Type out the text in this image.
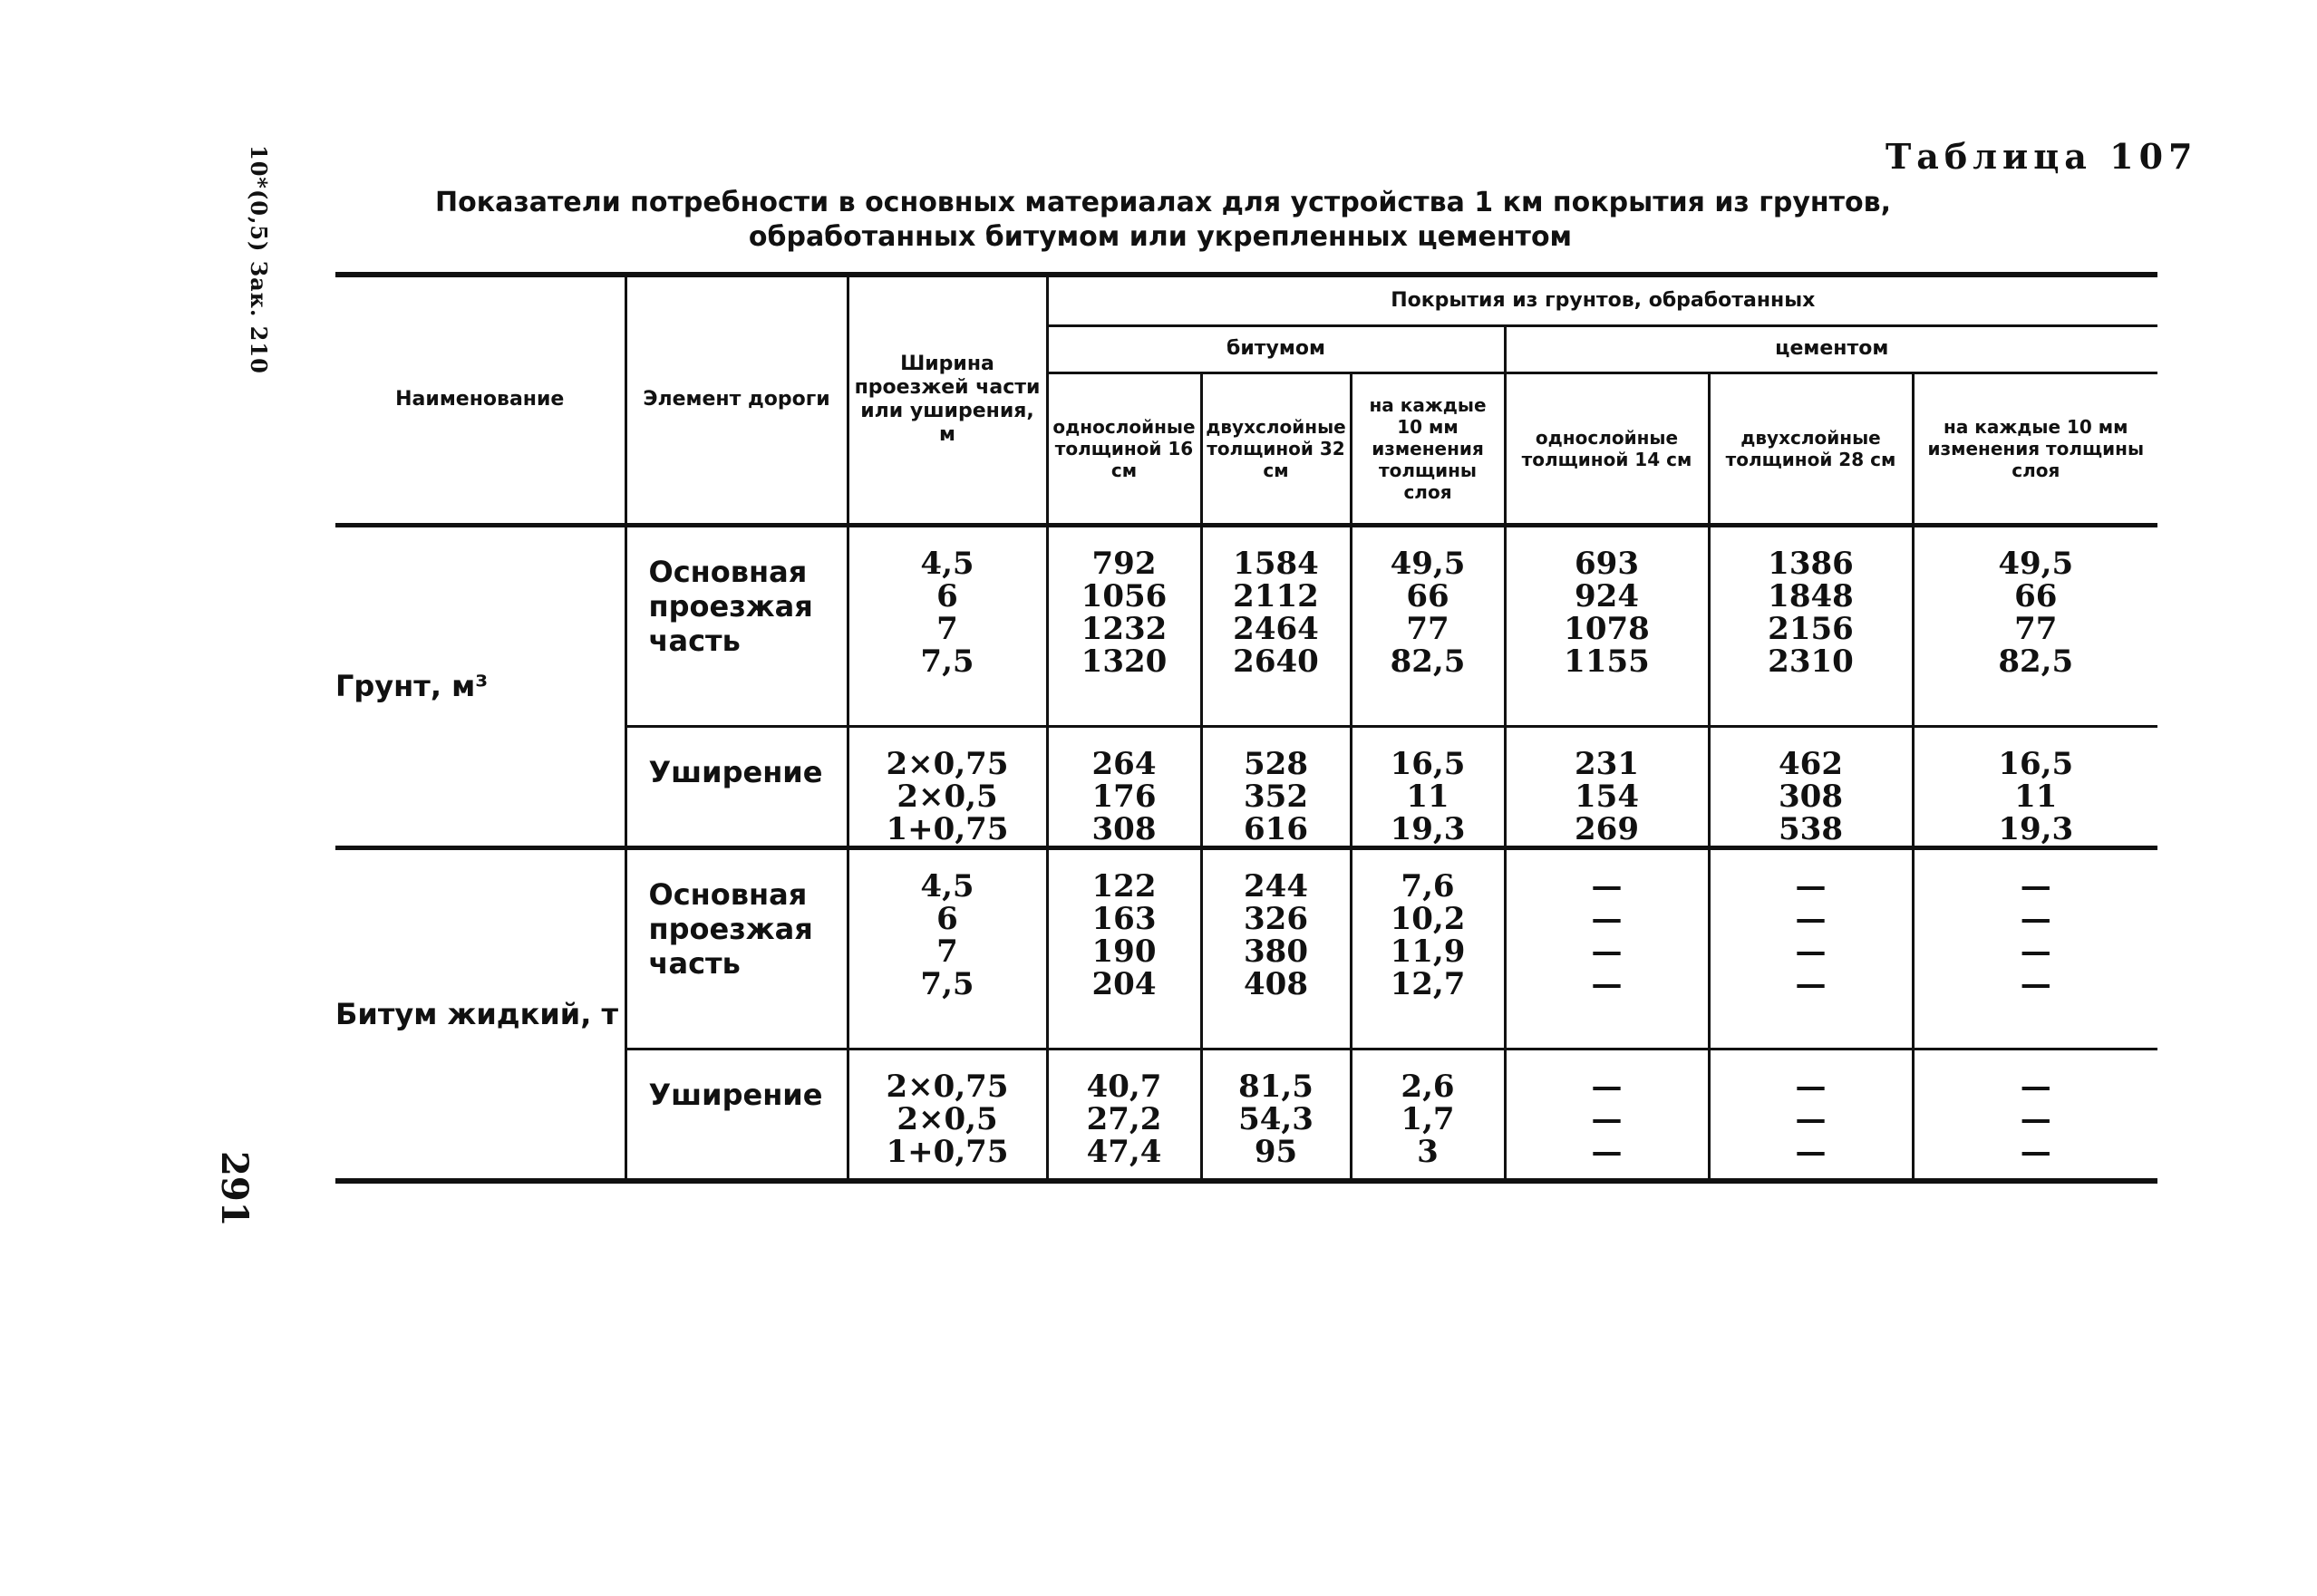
10*(0,5) Зак. 210
291
Таблица 107
Показатели потребности в основных материалах для устройства 1 км покрытия из грунтов,
обработанных битумом или укрепленных цементом
Наименование	Элемент дороги	Ширина проезжей части или уширения, м	Покрытия из грунтов, обработанных					
			битумом			цементом		
			однослойные толщиной 16 см	двухслойные толщиной 32 см	на каждые 10 мм изменения толщины слоя	однослойные толщиной 14 см	двухслойные толщиной 28 см	на каждые 10 мм изменения толщины слоя
Грунт, м³	Основная проезжая часть	4,5
6
7
7,5	792
1056
1232
1320	1584
2112
2464
2640	49,5
66
77
82,5	693
924
1078
1155	1386
1848
2156
2310	49,5
66
77
82,5

	Уширение	2×0,75
2×0,5
1+0,75	264
176
308	528
352
616	16,5
11
19,3	231
154
269	462
308
538	16,5
11
19,3

Битум жидкий, т	Основная проезжая часть	4,5
6
7
7,5	122
163
190
204	244
326
380
408	7,6
10,2
11,9
12,7	—
—
—
—	—
—
—
—	—
—
—
—

	Уширение	2×0,75
2×0,5
1+0,75	40,7
27,2
47,4	81,5
54,3
95	2,6
1,7
3	—
—
—	—
—
—	—
—
—
